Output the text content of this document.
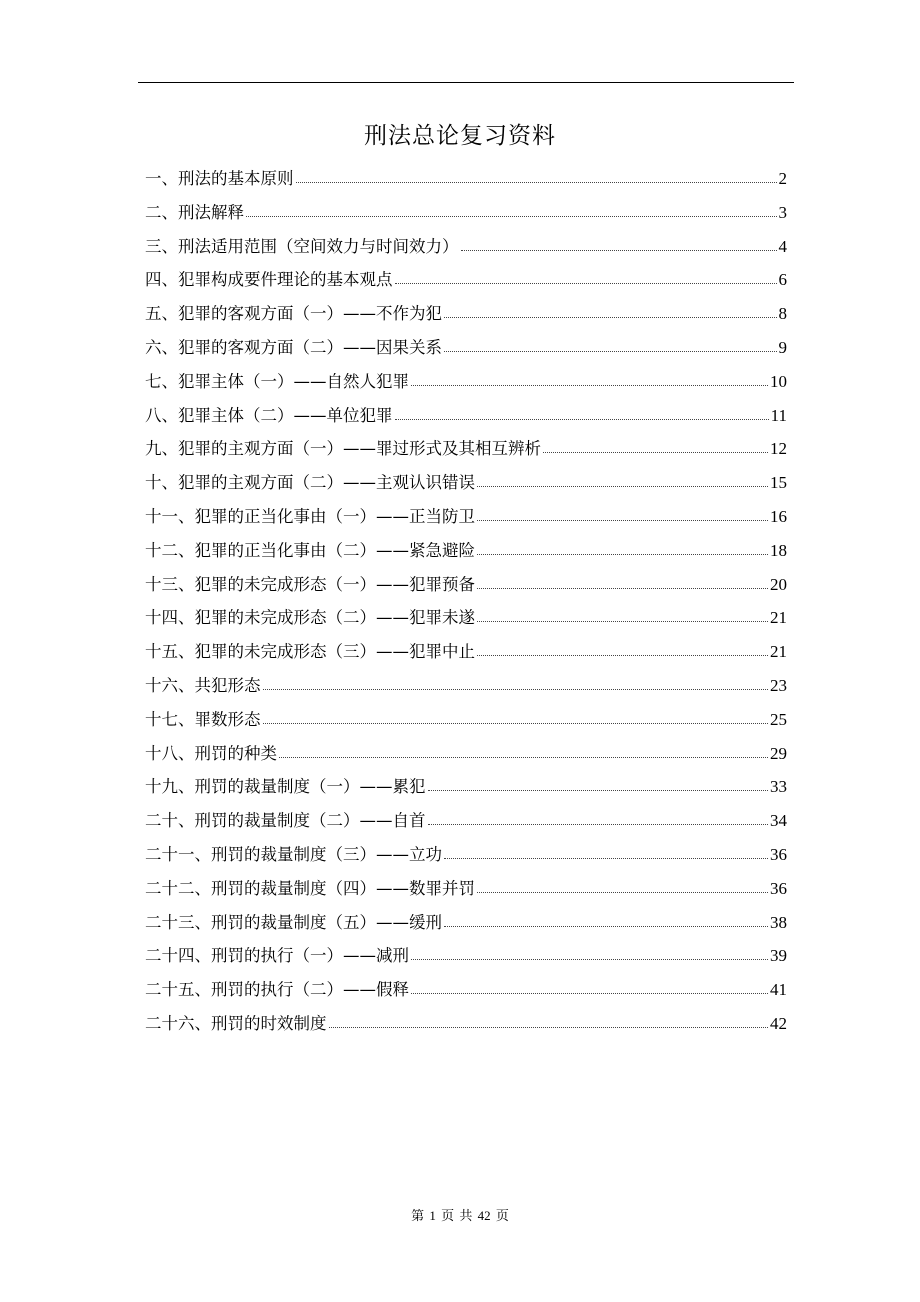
刑法总论复习资料
一、刑法的基本原则	2
二、刑法解释	3
三、刑法适用范围（空间效力与时间效力）	4
四、犯罪构成要件理论的基本观点	6
五、犯罪的客观方面（一）——不作为犯	8
六、犯罪的客观方面（二）——因果关系	9
七、犯罪主体（一）——自然人犯罪	10
八、犯罪主体（二）——单位犯罪	11
九、犯罪的主观方面（一）——罪过形式及其相互辨析	12
十、犯罪的主观方面（二）——主观认识错误	15
十一、犯罪的正当化事由（一）——正当防卫	16
十二、犯罪的正当化事由（二）——紧急避险	18
十三、犯罪的未完成形态（一）——犯罪预备	20
十四、犯罪的未完成形态（二）——犯罪未遂	21
十五、犯罪的未完成形态（三）——犯罪中止	21
十六、共犯形态	23
十七、罪数形态	25
十八、刑罚的种类	29
十九、刑罚的裁量制度（一）——累犯	33
二十、刑罚的裁量制度（二）——自首	34
二十一、刑罚的裁量制度（三）——立功	36
二十二、刑罚的裁量制度（四）——数罪并罚	36
二十三、刑罚的裁量制度（五）——缓刑	38
二十四、刑罚的执行（一）——减刑	39
二十五、刑罚的执行（二）——假释	41
二十六、刑罚的时效制度	42
第 1 页 共 42 页
